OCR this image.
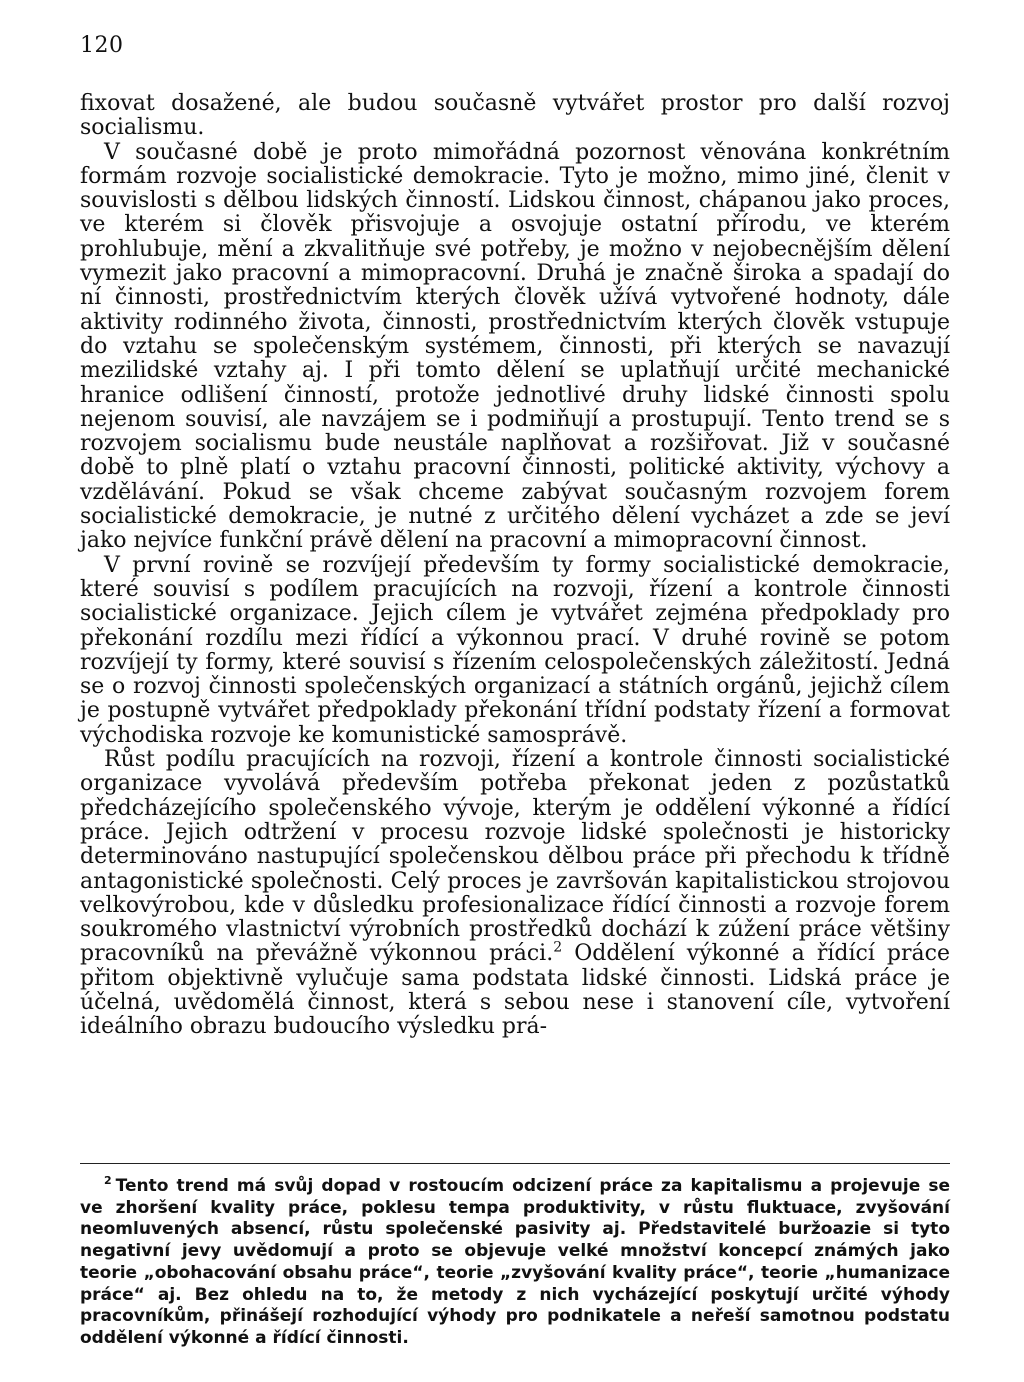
120

fixovat dosažené, ale budou současně vytvářet prostor pro další rozvoj socialismu.

V současné době je proto mimořádná pozornost věnována konkrétním formám rozvoje socialistické demokracie. Tyto je možno, mimo jiné, členit v souvislosti s dělbou lidských činností. Lidskou činnost, chápanou jako proces, ve kterém si člověk přisvojuje a osvojuje ostatní přírodu, ve kterém prohlubuje, mění a zkvalitňuje své potřeby, je možno v nejobecnějším dělení vymezit jako pracovní a mimopracovní. Druhá je značně široka a spadají do ní činnosti, prostřednictvím kterých člověk užívá vytvořené hodnoty, dále aktivity rodinného života, činnosti, prostřednictvím kterých člověk vstupuje do vztahu se společenským systémem, činnosti, při kterých se navazují mezilidské vztahy aj. I při tomto dělení se uplatňují určité mechanické hranice odlišení činností, protože jednotlivé druhy lidské činnosti spolu nejenom souvisí, ale navzájem se i podmiňují a prostupují. Tento trend se s rozvojem socialismu bude neustále naplňovat a rozšiřovat. Již v současné době to plně platí o vztahu pracovní činnosti, politické aktivity, výchovy a vzdělávání. Pokud se však chceme zabývat současným rozvojem forem socialistické demokracie, je nutné z určitého dělení vycházet a zde se jeví jako nejvíce funkční právě dělení na pracovní a mimopracovní činnost.

V první rovině se rozvíjejí především ty formy socialistické demokracie, které souvisí s podílem pracujících na rozvoji, řízení a kontrole činnosti socialistické organizace. Jejich cílem je vytvářet zejména předpoklady pro překonání rozdílu mezi řídící a výkonnou prací. V druhé rovině se potom rozvíjejí ty formy, které souvisí s řízením celospolečenských záležitostí. Jedná se o rozvoj činnosti společenských organizací a státních orgánů, jejichž cílem je postupně vytvářet předpoklady překonání třídní podstaty řízení a formovat východiska rozvoje ke komunistické samosprávě.

Růst podílu pracujících na rozvoji, řízení a kontrole činnosti socialistické organizace vyvolává především potřeba překonat jeden z pozůstatků předcházejícího společenského vývoje, kterým je oddělení výkonné a řídící práce. Jejich odtržení v procesu rozvoje lidské společnosti je historicky determinováno nastupující společenskou dělbou práce při přechodu k třídně antagonistické společnosti. Celý proces je završován kapitalistickou strojovou velkovýrobou, kde v důsledku profesionalizace řídící činnosti a rozvoje forem soukromého vlastnictví výrobních prostředků dochází k zúžení práce většiny pracovníků na převážně výkonnou práci.$^2$ Oddělení výkonné a řídící práce přitom objektivně vylučuje sama podstata lidské činnosti. Lidská práce je účelná, uvědomělá činnost, která s sebou nese i stanovení cíle, vytvoření ideálního obrazu budoucího výsledku prá-

$^2$ Tento trend má svůj dopad v rostoucím odcizení práce za kapitalismu a projevuje se ve zhoršení kvality práce, poklesu tempa produktivity, v růstu fluktuace, zvyšování neomluvených absencí, růstu společenské pasivity aj. Představitelé buržoazie si tyto negativní jevy uvědomují a proto se objevuje velké množství koncepcí známých jako teorie „obohacování obsahu práce“, teorie „zvyšování kvality práce“, teorie „humanizace práce“ aj. Bez ohledu na to, že metody z nich vycházející poskytují určité výhody pracovníkům, přinášejí rozhodující výhody pro podnikatele a neřeší samotnou podstatu oddělení výkonné a řídící činnosti.
